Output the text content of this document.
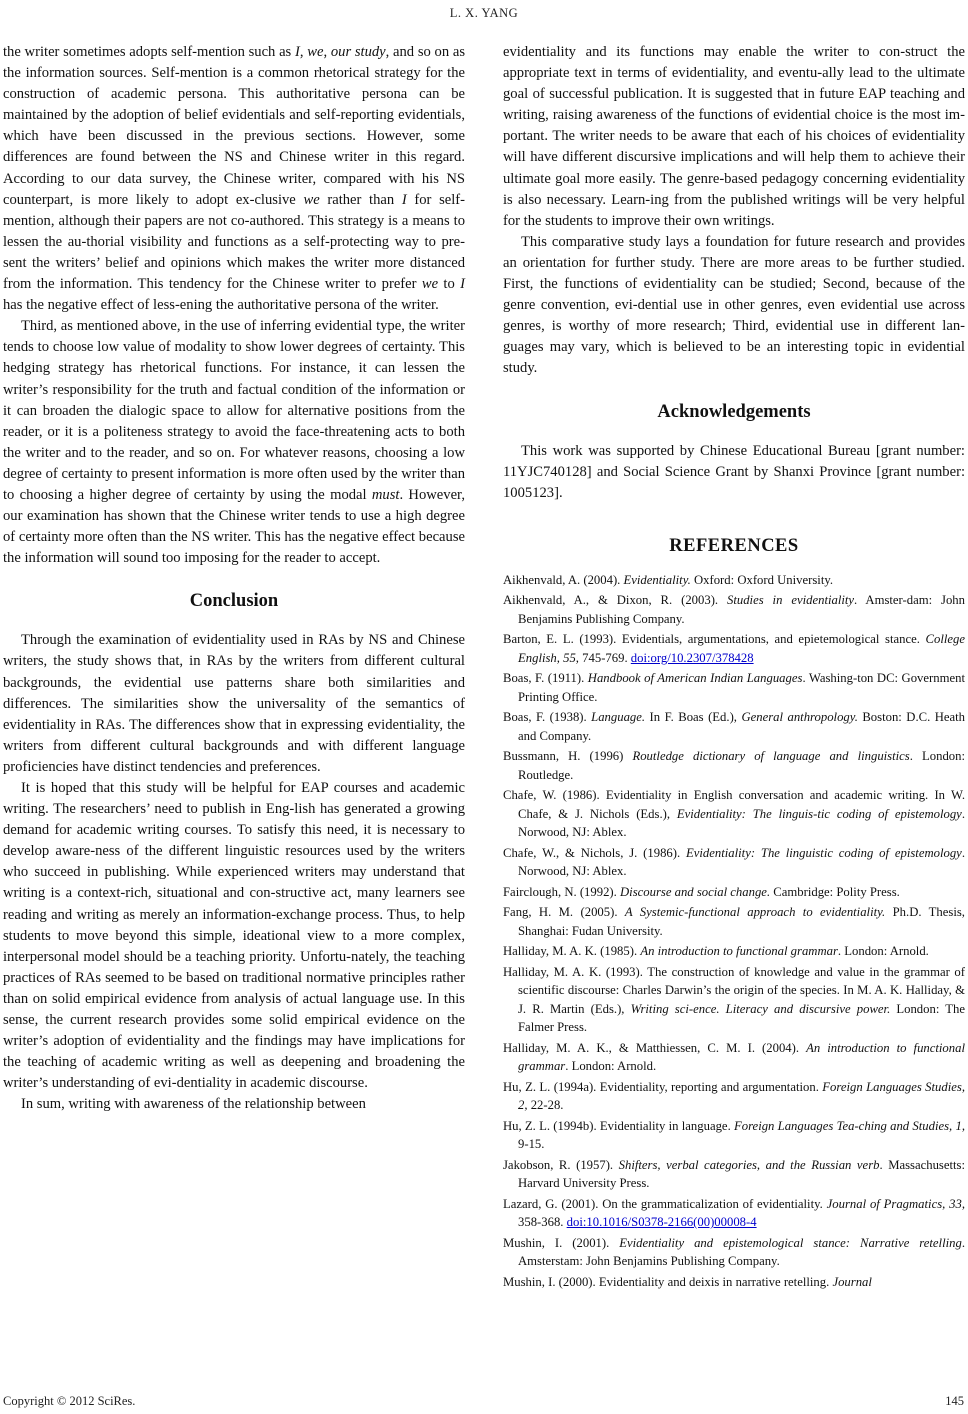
L. X. YANG

the writer sometimes adopts self-mention such as I, we, our study, and so on as the information sources. Self-mention is a common rhetorical strategy for the construction of academic persona. This authoritative persona can be maintained by the adoption of belief evidentials and self-reporting evidentials, which have been discussed in the previous sections. However, some differences are found between the NS and Chinese writer in this regard. According to our data survey, the Chinese writer, compared with his NS counterpart, is more likely to adopt ex-clusive we rather than I for self-mention, although their papers are not co-authored. This strategy is a means to lessen the au-thorial visibility and functions as a self-protecting way to pre-sent the writers’ belief and opinions which makes the writer more distanced from the information. This tendency for the Chinese writer to prefer we to I has the negative effect of less-ening the authoritative persona of the writer.

Third, as mentioned above, in the use of inferring evidential type, the writer tends to choose low value of modality to show lower degrees of certainty. This hedging strategy has rhetorical functions. For instance, it can lessen the writer’s responsibility for the truth and factual condition of the information or it can broaden the dialogic space to allow for alternative positions from the reader, or it is a politeness strategy to avoid the face-threatening acts to both the writer and to the reader, and so on. For whatever reasons, choosing a low degree of certainty to present information is more often used by the writer than to choosing a higher degree of certainty by using the modal must. However, our examination has shown that the Chinese writer tends to use a high degree of certainty more often than the NS writer. This has the negative effect because the information will sound too imposing for the reader to accept.

Conclusion

Through the examination of evidentiality used in RAs by NS and Chinese writers, the study shows that, in RAs by the writers from different cultural backgrounds, the evidential use patterns share both similarities and differences. The similarities show the universality of the semantics of evidentiality in RAs. The differences show that in expressing evidentiality, the writers from different cultural backgrounds and with different language proficiencies have distinct tendencies and preferences.

It is hoped that this study will be helpful for EAP courses and academic writing. The researchers’ need to publish in Eng-lish has generated a growing demand for academic writing courses. To satisfy this need, it is necessary to develop aware-ness of the different linguistic resources used by the writers who succeed in publishing. While experienced writers may understand that writing is a context-rich, situational and con-structive act, many learners see reading and writing as merely an information-exchange process. Thus, to help students to move beyond this simple, ideational view to a more complex, interpersonal model should be a teaching priority. Unfortu-nately, the teaching practices of RAs seemed to be based on traditional normative principles rather than on solid empirical evidence from analysis of actual language use. In this sense, the current research provides some solid empirical evidence on the writer’s adoption of evidentiality and the findings may have implications for the teaching of academic writing as well as deepening and broadening the writer’s understanding of evi-dentiality in academic discourse.

In sum, writing with awareness of the relationship between

evidentiality and its functions may enable the writer to con-struct the appropriate text in terms of evidentiality, and eventu-ally lead to the ultimate goal of successful publication. It is suggested that in future EAP teaching and writing, raising awareness of the functions of evidential choice is the most im-portant. The writer needs to be aware that each of his choices of evidentiality will have different discursive implications and will help them to achieve their ultimate goal more easily. The genre-based pedagogy concerning evidentiality is also necessary. Learn-ing from the published writings will be very helpful for the students to improve their own writings.

This comparative study lays a foundation for future research and provides an orientation for further study. There are more areas to be further studied. First, the functions of evidentiality can be studied; Second, because of the genre convention, evi-dential use in other genres, even evidential use across genres, is worthy of more research; Third, evidential use in different lan-guages may vary, which is believed to be an interesting topic in evidential study.

Acknowledgements

This work was supported by Chinese Educational Bureau [grant number: 11YJC740128] and Social Science Grant by Shanxi Province [grant number: 1005123].

REFERENCES
Aikhenvald, A. (2004). Evidentiality. Oxford: Oxford University.
Aikhenvald, A., & Dixon, R. (2003). Studies in evidentiality. Amster-dam: John Benjamins Publishing Company.
Barton, E. L. (1993). Evidentials, argumentations, and epietemological stance. College English, 55, 745-769. doi:org/10.2307/378428
Boas, F. (1911). Handbook of American Indian Languages. Washing-ton DC: Government Printing Office.
Boas, F. (1938). Language. In F. Boas (Ed.), General anthropology. Boston: D.C. Heath and Company.
Bussmann, H. (1996) Routledge dictionary of language and linguistics. London: Routledge.
Chafe, W. (1986). Evidentiality in English conversation and academic writing. In W. Chafe, & J. Nichols (Eds.), Evidentiality: The linguis-tic coding of epistemology. Norwood, NJ: Ablex.
Chafe, W., & Nichols, J. (1986). Evidentiality: The linguistic coding of epistemology. Norwood, NJ: Ablex.
Fairclough, N. (1992). Discourse and social change. Cambridge: Polity Press.
Fang, H. M. (2005). A Systemic-functional approach to evidentiality. Ph.D. Thesis, Shanghai: Fudan University.
Halliday, M. A. K. (1985). An introduction to functional grammar. London: Arnold.
Halliday, M. A. K. (1993). The construction of knowledge and value in the grammar of scientific discourse: Charles Darwin’s the origin of the species. In M. A. K. Halliday, & J. R. Martin (Eds.), Writing sci-ence. Literacy and discursive power. London: The Falmer Press.
Halliday, M. A. K., & Matthiessen, C. M. I. (2004). An introduction to functional grammar. London: Arnold.
Hu, Z. L. (1994a). Evidentiality, reporting and argumentation. Foreign Languages Studies, 2, 22-28.
Hu, Z. L. (1994b). Evidentiality in language. Foreign Languages Tea-ching and Studies, 1, 9-15.
Jakobson, R. (1957). Shifters, verbal categories, and the Russian verb. Massachusetts: Harvard University Press.
Lazard, G. (2001). On the grammaticalization of evidentiality. Journal of Pragmatics, 33, 358-368. doi:10.1016/S0378-2166(00)00008-4
Mushin, I. (2001). Evidentiality and epistemological stance: Narrative retelling. Amsterstam: John Benjamins Publishing Company.
Mushin, I. (2000). Evidentiality and deixis in narrative retelling. Journal
Copyright © 2012 SciRes.	145
